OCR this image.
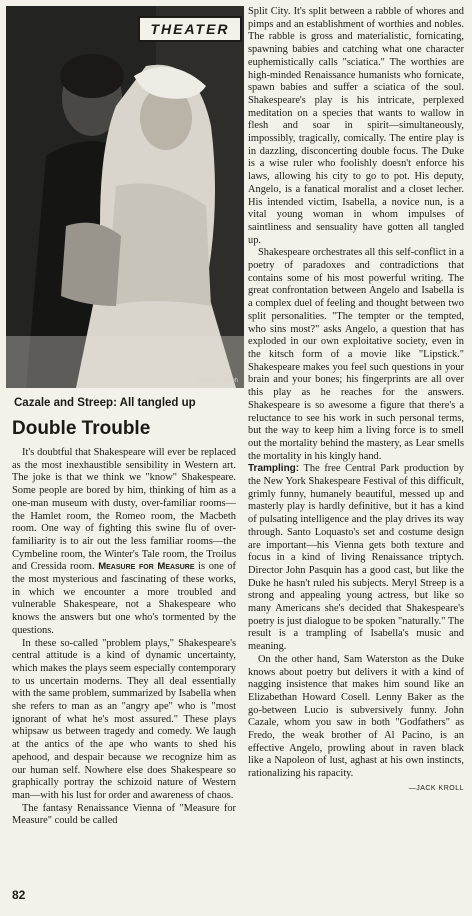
THEATER
George Joseph
Cazale and Streep: All tangled up
Double Trouble

It's doubtful that Shakespeare will ever be replaced as the most inexhaustible sensibility in Western art. The joke is that we think we "know" Shakespeare. Some people are bored by him, thinking of him as a one-man museum with dusty, over-familiar rooms—the Hamlet room, the Romeo room, the Macbeth room. One way of fighting this swine flu of over-familiarity is to air out the less familiar rooms—the Cymbeline room, the Winter's Tale room, the Troilus and Cressida room. Measure for Measure is one of the most mysterious and fascinating of these works, in which we encounter a more troubled and vulnerable Shakespeare, not a Shakespeare who knows the answers but one who's tormented by the questions.

In these so-called "problem plays," Shakespeare's central attitude is a kind of dynamic uncertainty, which makes the plays seem especially contemporary to us uncertain moderns. They all deal essentially with the same problem, summarized by Isabella when she refers to man as an "angry ape" who is "most ignorant of what he's most assured." These plays whipsaw us between tragedy and comedy. We laugh at the antics of the ape who wants to shed his apehood, and despair because we recognize him as our human self. Nowhere else does Shakespeare so graphically portray the schizoid nature of Western man—with his lust for order and awareness of chaos.

The fantasy Renaissance Vienna of "Measure for Measure" could be called

Split City. It's split between a rabble of whores and pimps and an establishment of worthies and nobles. The rabble is gross and materialistic, fornicating, spawning babies and catching what one character euphemistically calls "sciatica." The worthies are high-minded Renaissance humanists who fornicate, spawn babies and suffer a sciatica of the soul. Shakespeare's play is his intricate, perplexed meditation on a species that wants to wallow in flesh and soar in spirit—simultaneously, impossibly, tragically, comically. The entire play is in dazzling, disconcerting double focus. The Duke is a wise ruler who foolishly doesn't enforce his laws, allowing his city to go to pot. His deputy, Angelo, is a fanatical moralist and a closet lecher. His intended victim, Isabella, a novice nun, is a vital young woman in whom impulses of saintliness and sensuality have gotten all tangled up.

Shakespeare orchestrates all this self-conflict in a poetry of paradoxes and contradictions that contains some of his most powerful writing. The great confrontation between Angelo and Isabella is a complex duel of feeling and thought between two split personalities. "The tempter or the tempted, who sins most?" asks Angelo, a question that has exploded in our own exploitative society, even in the kitsch form of a movie like "Lipstick." Shakespeare makes you feel such questions in your brain and your bones; his fingerprints are all over this play as he reaches for the answers. Shakespeare is so awesome a figure that there's a reluctance to see his work in such personal terms, but the way to keep him a living force is to smell out the mortality behind the mastery, as Lear smells the mortality in his kingly hand.

Trampling: The free Central Park production by the New York Shakespeare Festival of this difficult, grimly funny, humanely beautiful, messed up and masterly play is hardly definitive, but it has a kind of pulsating intelligence and the play drives its way through. Santo Loquasto's set and costume design are important—his Vienna gets both texture and focus in a kind of living Renaissance triptych. Director John Pasquin has a good cast, but like the Duke he hasn't ruled his subjects. Meryl Streep is a strong and appealing young actress, but like so many Americans she's decided that Shakespeare's poetry is just dialogue to be spoken "naturally." The result is a trampling of Isabella's music and meaning.

On the other hand, Sam Waterston as the Duke knows about poetry but delivers it with a kind of nagging insistence that makes him sound like an Elizabethan Howard Cosell. Lenny Baker as the go-between Lucio is subversively funny. John Cazale, whom you saw in both "Godfathers" as Fredo, the weak brother of Al Pacino, is an effective Angelo, prowling about in raven black like a Napoleon of lust, aghast at his own instincts, rationalizing his rapacity.

—JACK KROLL
82
